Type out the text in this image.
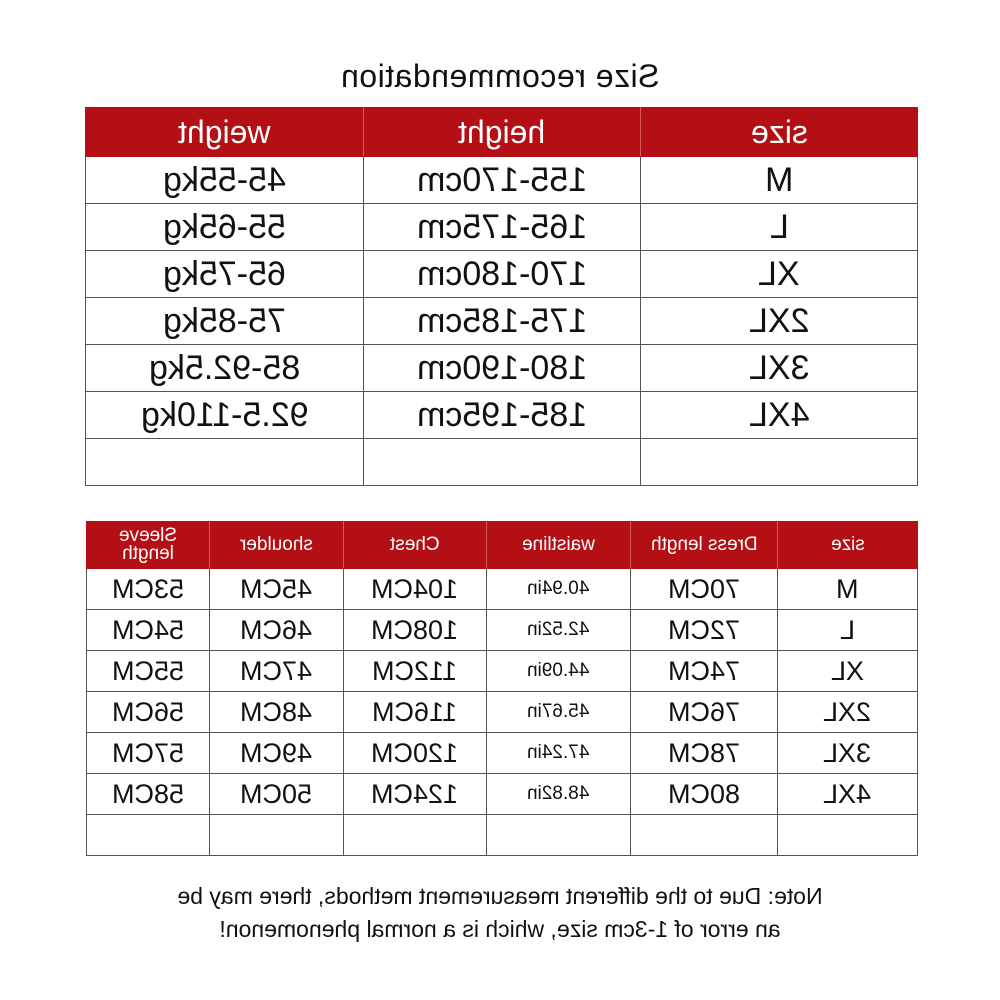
Size recommendation
weight	height	size
45-55kg	155-170cm	M
55-65kg	165-175cm	L
65-75kg	170-180cm	XL
75-85kg	175-185cm	2XL
85-92.5kg	180-190cm	3XL
92.5-110kg	185-195cm	4XL

Sleeve length	shoulder	Chest	waistline	Dress length	size
53CM	45CM	104CM	40.94in	70CM	M
54CM	46CM	108CM	42.52in	72CM	L
55CM	47CM	112CM	44.09in	74CM	XL
56CM	48CM	116CM	45.67in	76CM	2XL
57CM	49CM	120CM	47.24in	78CM	3XL
58CM	50CM	124CM	48.82in	80CM	4XL

Note: Due to the different measurement methods, there may be
an error of 1-3cm size, which is a normal phenomenon!
